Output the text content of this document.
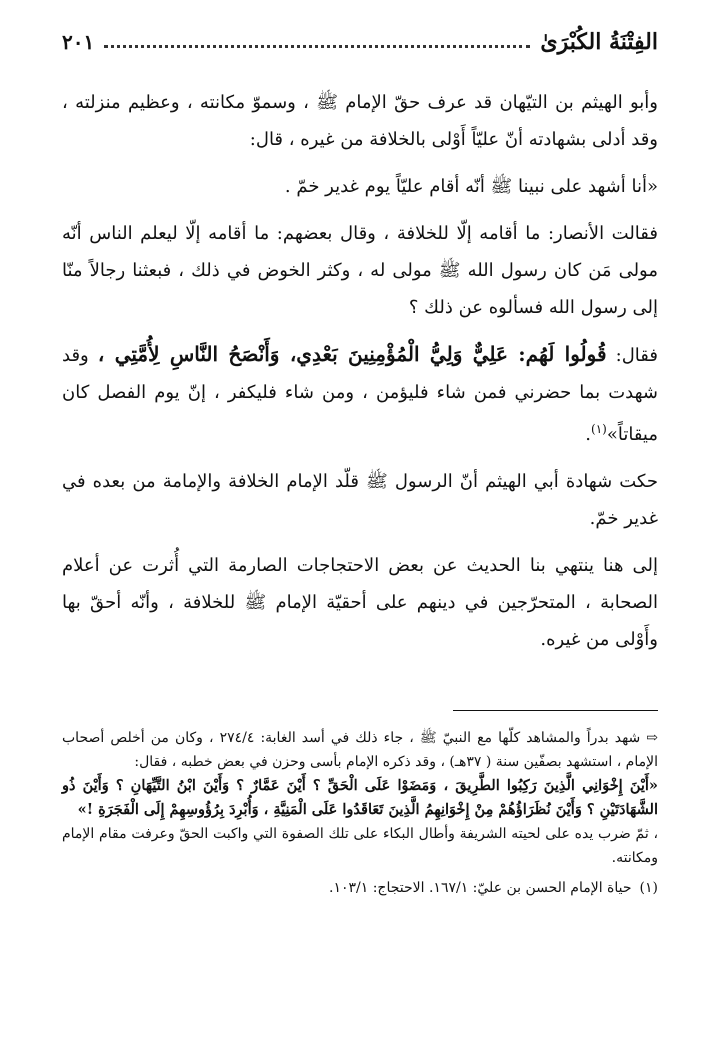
الفِتْنَةُ الكُبْرَىٰ
٢٠١

وأبو الهيثم بن التيّهان قد عرف حقّ الإمام ﷺ ، وسموّ مكانته ، وعظيم منزلته ، وقد أدلى بشهادته أنّ عليّاً أَوْلى بالخلافة من غيره ، قال:

«أنا أشهد على نبينا ﷺ أنّه أقام عليّاً يوم غدير خمّ .

فقالت الأنصار: ما أقامه إلّا للخلافة ، وقال بعضهم: ما أقامه إلّا ليعلم الناس أنّه مولى مَن كان رسول الله ﷺ مولى له ، وكثر الخوض في ذلك ، فبعثنا رجالاً منّا إلى رسول الله فسألوه عن ذلك ؟

فقال: قُولُوا لَهُم: عَلِيٌّ وَلِيُّ الْمُؤْمِنِينَ بَعْدِي، وَأَنْصَحُ النَّاسِ لِأُمَّتِي ، وقد شهدت بما حضرني فمن شاء فليؤمن ، ومن شاء فليكفر ، إنّ يوم الفصل كان ميقاتاً»$^{(١)}$.

حكت شهادة أبي الهيثم أنّ الرسول ﷺ قلّد الإمام الخلافة والإمامة من بعده في غدير خمّ.

إلى هنا ينتهي بنا الحديث عن بعض الاحتجاجات الصارمة التي أُثرت عن أعلام الصحابة ، المتحرّجين في دينهم على أحقيّة الإمام ﷺ للخلافة ، وأنّه أحقّ بها وأَوْلى من غيره.

⇨شهد بدراً والمشاهد كلّها مع النبيّ ﷺ ، جاء ذلك في أسد الغابة: ٢٧٤/٤ ، وكان من أخلص أصحاب الإمام ، استشهد بصفّين سنة ( ٣٧هـ) ، وقد ذكره الإمام بأسى وحزن في بعض خطبه ، فقال:

«أَيْنَ إِخْوَانِي الَّذِينَ رَكِبُوا الطَّرِيقَ ، وَمَضَوْا عَلَى الْحَقِّ ؟ أَيْنَ عَمَّارٌ ؟ وَأَيْنَ ابْنُ التَّيِّهَانِ ؟ وَأَيْنَ ذُو الشَّهَادَتَيْنِ ؟ وَأَيْنَ نُظَرَاؤُهُمْ مِنْ إِخْوَانِهِمُ الَّذِينَ تَعَاقَدُوا عَلَى الْمَنِيَّةِ ، وَأُبْرِدَ بِرُؤُوسِهِمْ إِلَى الْفَجَرَةِ !»

، ثمّ ضرب يده على لحيته الشريفة وأطال البكاء على تلك الصفوة التي واكبت الحقّ وعرفت مقام الإمام ومكانته.

(١)حياة الإمام الحسن بن عليّ: ١٦٧/١. الاحتجاج: ١٠٣/١.
